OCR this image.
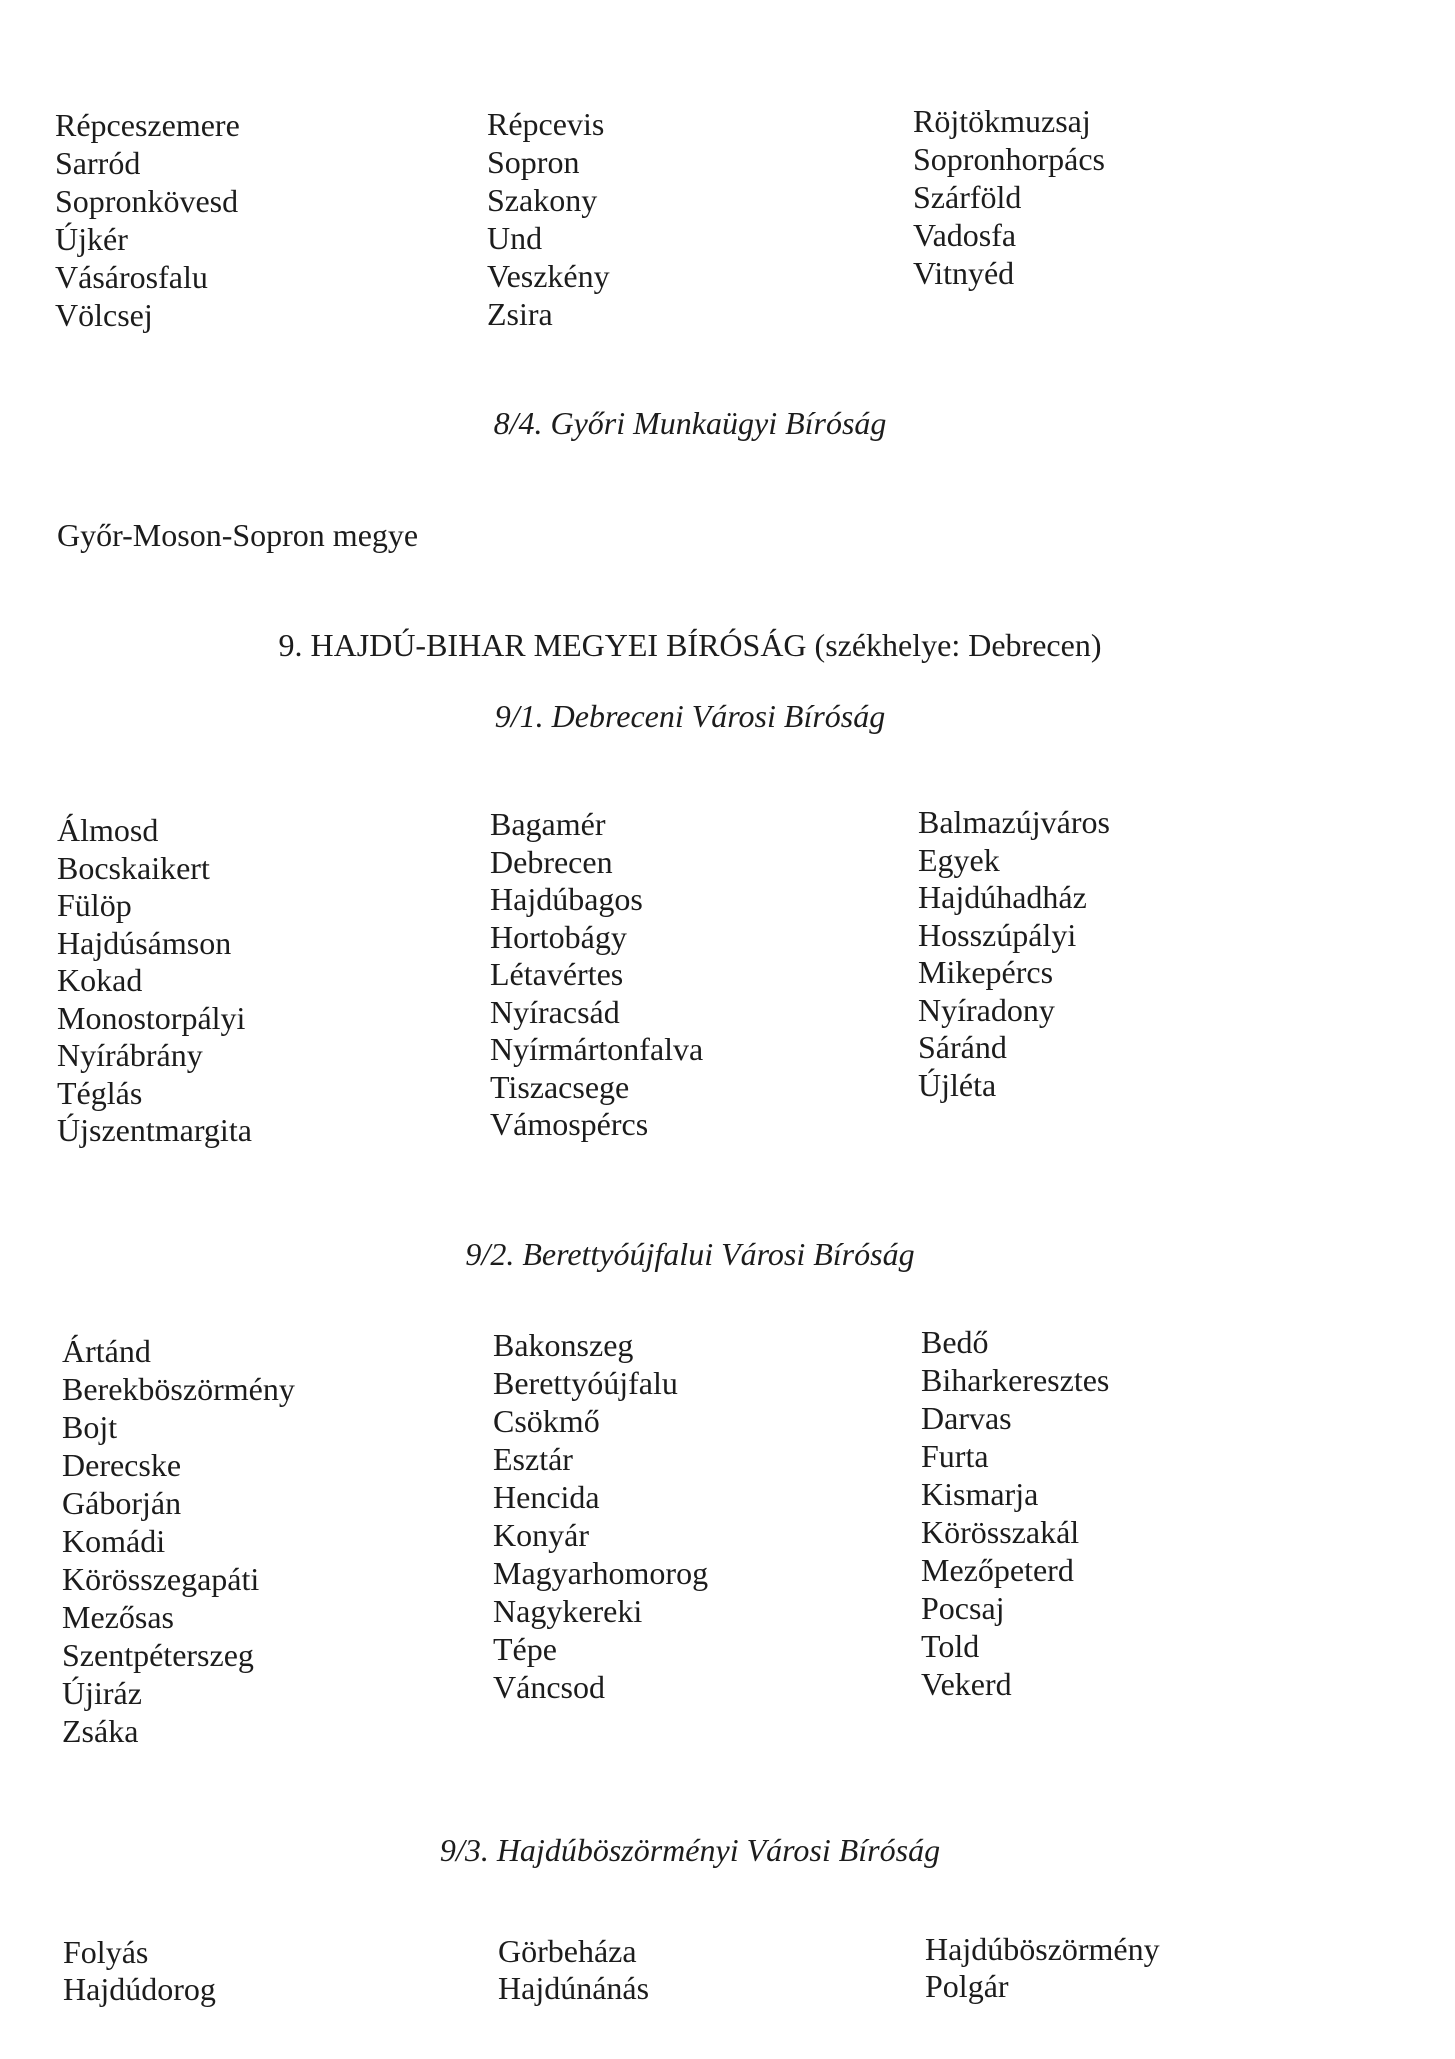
Répceszemere
Sarród
Sopronkövesd
Újkér
Vásárosfalu
Völcsej
Répcevis
Sopron
Szakony
Und
Veszkény
Zsira
Röjtökmuzsaj
Sopronhorpács
Szárföld
Vadosfa
Vitnyéd
8/4. Győri Munkaügyi Bíróság

Győr-Moson-Sopron megye

9. HAJDÚ-BIHAR MEGYEI BÍRÓSÁG (székhelye: Debrecen)
9/1. Debreceni Városi Bíróság
Álmosd
Bocskaikert
Fülöp
Hajdúsámson
Kokad
Monostorpályi
Nyírábrány
Téglás
Újszentmargita
Bagamér
Debrecen
Hajdúbagos
Hortobágy
Létavértes
Nyíracsád
Nyírmártonfalva
Tiszacsege
Vámospércs
Balmazújváros
Egyek
Hajdúhadház
Hosszúpályi
Mikepércs
Nyíradony
Sáránd
Újléta
9/2. Berettyóújfalui Városi Bíróság
Ártánd
Berekböszörmény
Bojt
Derecske
Gáborján
Komádi
Körösszegapáti
Mezősas
Szentpéterszeg
Újiráz
Zsáka
Bakonszeg
Berettyóújfalu
Csökmő
Esztár
Hencida
Konyár
Magyarhomorog
Nagykereki
Tépe
Váncsod
Bedő
Biharkeresztes
Darvas
Furta
Kismarja
Körösszakál
Mezőpeterd
Pocsaj
Told
Vekerd
9/3. Hajdúböszörményi Városi Bíróság
Folyás
Hajdúdorog
Görbeháza
Hajdúnánás
Hajdúböszörmény
Polgár
